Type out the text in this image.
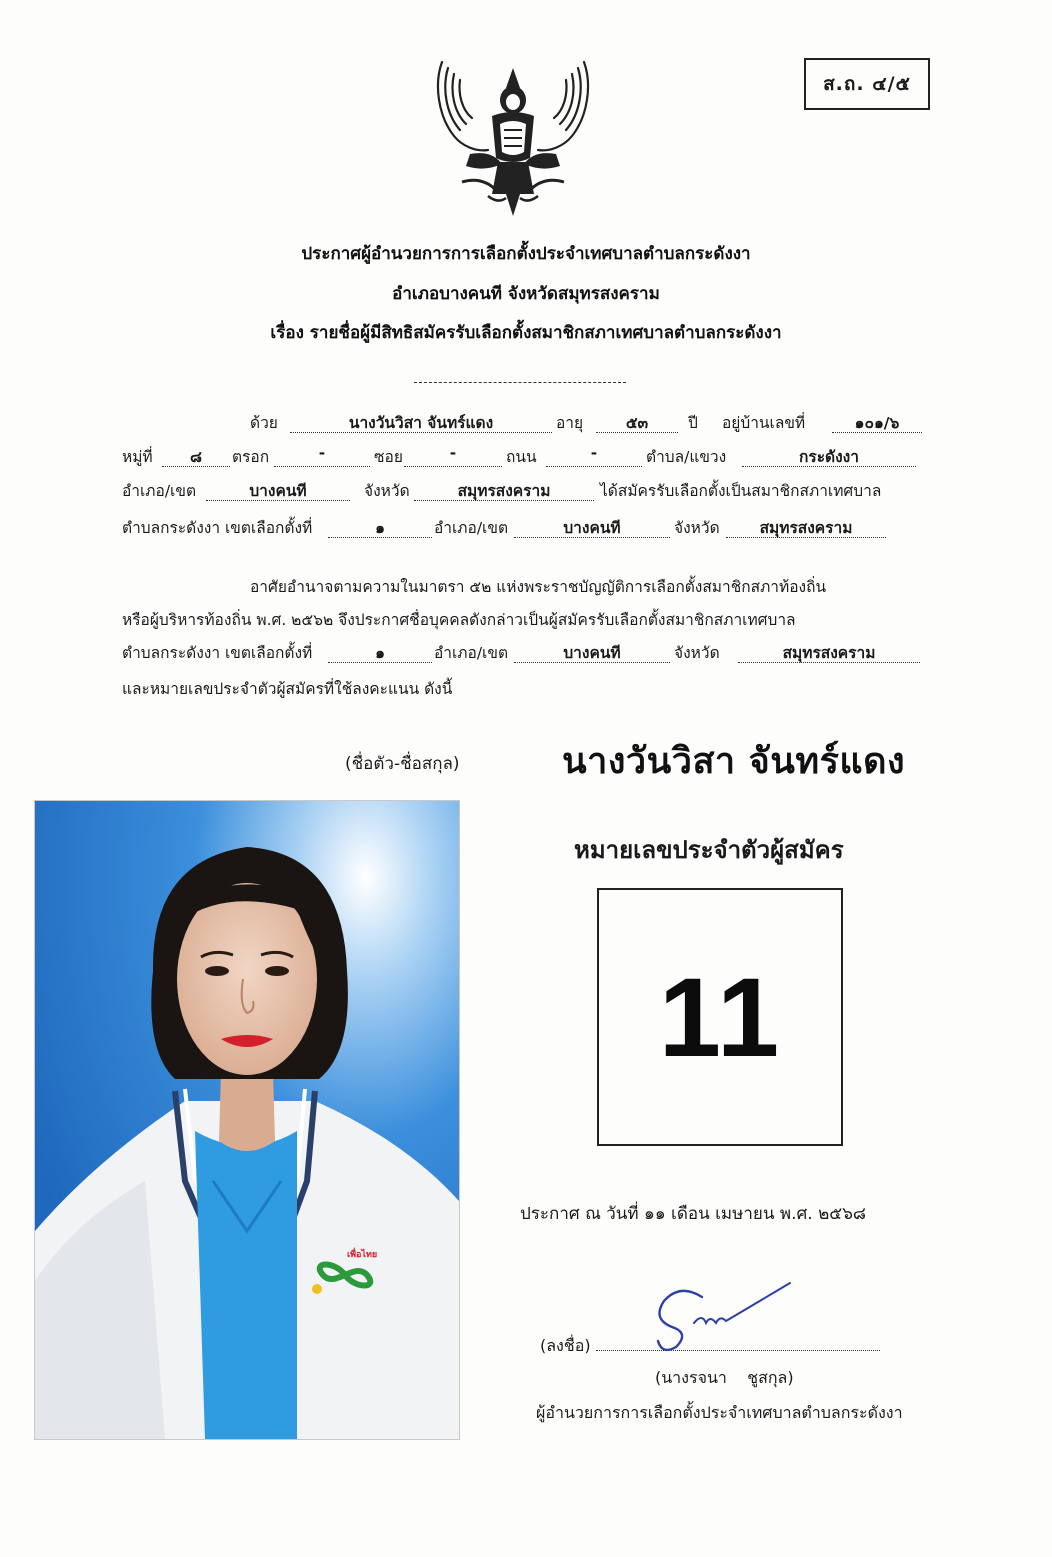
ส.ถ. ๔/๕
ประกาศผู้อำนวยการการเลือกตั้งประจำเทศบาลตำบลกระดังงา
อำเภอบางคนที จังหวัดสมุทรสงคราม
เรื่อง รายชื่อผู้มีสิทธิสมัครรับเลือกตั้งสมาชิกสภาเทศบาลตำบลกระดังงา
ด้วย	นางวันวิสา จันทร์แดง	อายุ	๕๓	ปี อยู่บ้านเลขที่	๑๐๑/๖
หมู่ที่	๘	ตรอก	-	ซอย	-	ถนน	-	ตำบล/แขวง	กระดังงา
อำเภอ/เขต	บางคนที	จังหวัด	สมุทรสงคราม	ได้สมัครรับเลือกตั้งเป็นสมาชิกสภาเทศบาล
ตำบลกระดังงา เขตเลือกตั้งที่	๑	อำเภอ/เขต	บางคนที	จังหวัด	สมุทรสงคราม
อาศัยอำนาจตามความในมาตรา ๕๒ แห่งพระราชบัญญัติการเลือกตั้งสมาชิกสภาท้องถิ่น
หรือผู้บริหารท้องถิ่น พ.ศ. ๒๕๖๒ จึงประกาศชื่อบุคคลดังกล่าวเป็นผู้สมัครรับเลือกตั้งสมาชิกสภาเทศบาล
ตำบลกระดังงา เขตเลือกตั้งที่	๑	อำเภอ/เขต	บางคนที	จังหวัด	สมุทรสงคราม
และหมายเลขประจำตัวผู้สมัครที่ใช้ลงคะแนน ดังนี้
(ชื่อตัว-ชื่อสกุล)	นางวันวิสา จันทร์แดง
เพื่อไทย
หมายเลขประจำตัวผู้สมัคร
11
ประกาศ ณ วันที่ ๑๑ เดือน เมษายน พ.ศ. ๒๕๖๘
(ลงชื่อ)
(นางรจนา    ชูสกุล)
ผู้อำนวยการการเลือกตั้งประจำเทศบาลตำบลกระดังงา
